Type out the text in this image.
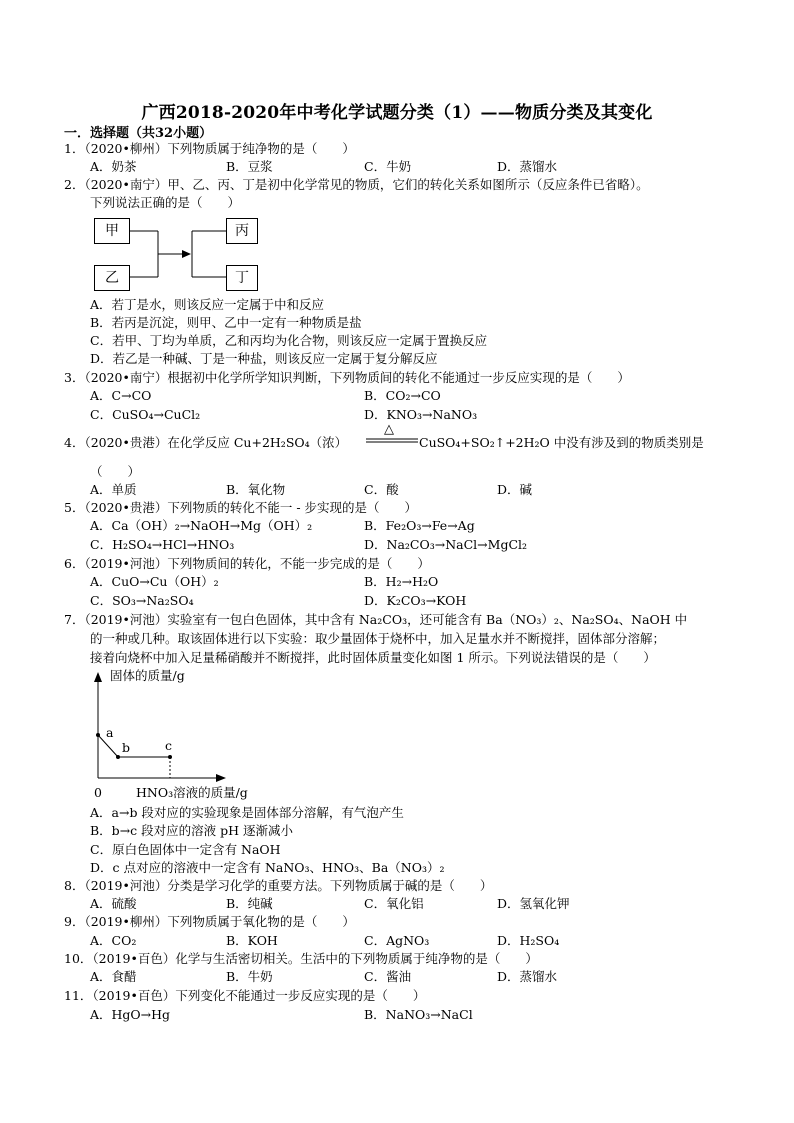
广西2018-2020年中考化学试题分类（1）——物质分类及其变化
一．选择题（共32小题）
1．（2020•柳州）下列物质属于纯净物的是（　　）
A．奶茶	B．豆浆	C．牛奶	D．蒸馏水
2．（2020•南宁）甲、乙、丙、丁是初中化学常见的物质，它们的转化关系如图所示（反应条件已省略）。
下列说法正确的是（　　）
甲
乙
丙
丁
A．若丁是水，则该反应一定属于中和反应
B．若丙是沉淀，则甲、乙中一定有一种物质是盐
C．若甲、丁均为单质，乙和丙均为化合物，则该反应一定属于置换反应
D．若乙是一种碱、丁是一种盐，则该反应一定属于复分解反应
3．（2020•南宁）根据初中化学所学知识判断，下列物质间的转化不能通过一步反应实现的是（　　）
A．C→CO	B．CO₂→CO
C．CuSO₄→CuCl₂	D．KNO₃→NaNO₃
4．（2020•贵港）在化学反应 Cu+2H₂SO₄（浓）
△
CuSO₄+SO₂↑+2H₂O 中没有涉及到的物质类别是
（　　）
A．单质	B．氧化物	C．酸	D．碱
5．（2020•贵港）下列物质的转化不能一 - 步实现的是（　　）
A．Ca（OH）₂→NaOH→Mg（OH）₂	B．Fe₂O₃→Fe→Ag
C．H₂SO₄→HCl→HNO₃	D．Na₂CO₃→NaCl→MgCl₂
6．（2019•河池）下列物质间的转化，不能一步完成的是（　　）
A．CuO→Cu（OH）₂	B．H₂→H₂O
C．SO₃→Na₂SO₄	D．K₂CO₃→KOH
7．（2019•河池）实验室有一包白色固体，其中含有 Na₂CO₃，还可能含有 Ba（NO₃）₂、Na₂SO₄、NaOH 中
的一种或几种。取该固体进行以下实验：取少量固体于烧杯中，加入足量水并不断搅拌，固体部分溶解；
接着向烧杯中加入足量稀硝酸并不断搅拌，此时固体质量变化如图 1 所示。下列说法错误的是（　　）
固体的质量/g
a
b	c
0	HNO₃溶液的质量/g
A．a→b 段对应的实验现象是固体部分溶解，有气泡产生
B．b→c 段对应的溶液 pH 逐渐减小
C．原白色固体中一定含有 NaOH
D．c 点对应的溶液中一定含有 NaNO₃、HNO₃、Ba（NO₃）₂
8．（2019•河池）分类是学习化学的重要方法。下列物质属于碱的是（　　）
A．硫酸	B．纯碱	C．氧化铝	D．氢氧化钾
9．（2019•柳州）下列物质属于氧化物的是（　　）
A．CO₂	B．KOH	C．AgNO₃	D．H₂SO₄
10．（2019•百色）化学与生活密切相关。生活中的下列物质属于纯净物的是（　　）
A．食醋	B．牛奶	C．酱油	D．蒸馏水
11．（2019•百色）下列变化不能通过一步反应实现的是（　　）
A．HgO→Hg	B．NaNO₃→NaCl
